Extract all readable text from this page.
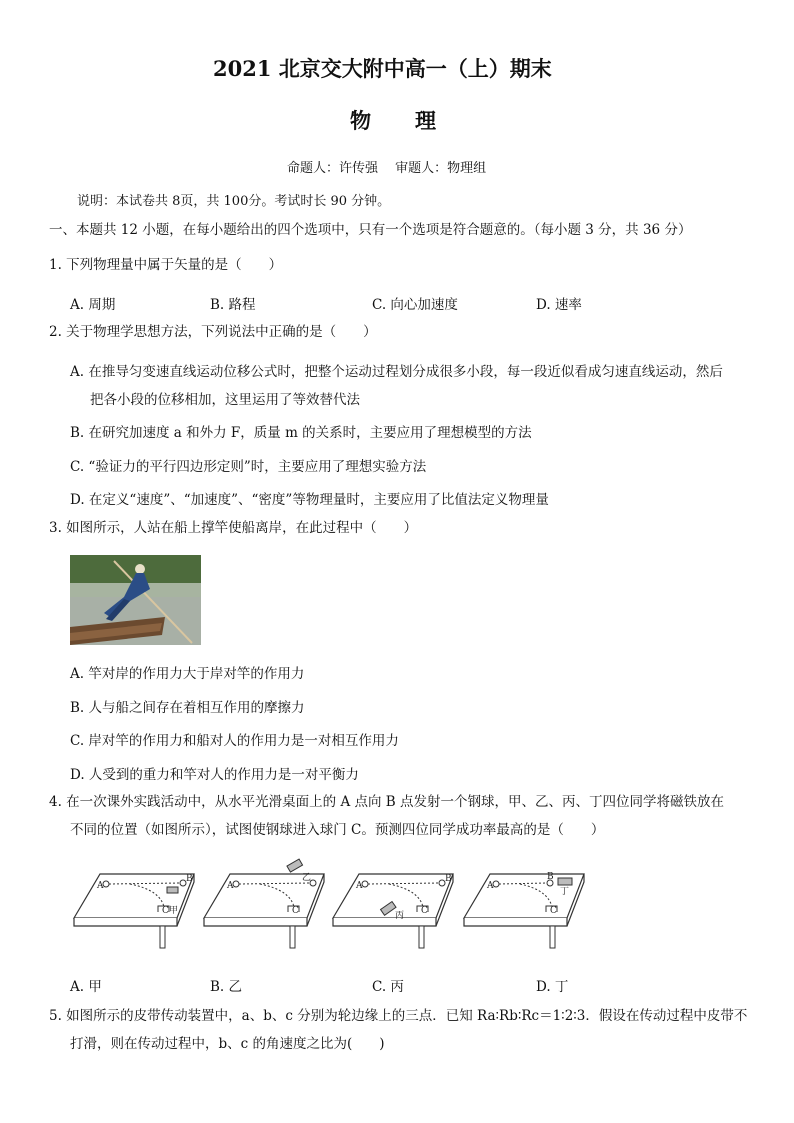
2021 北京交大附中高一（上）期末
物理
命题人：许传强　 审题人：物理组
说明：本试卷共 8页，共 100分。考试时长 90 分钟。
一、本题共 12 小题，在每小题给出的四个选项中，只有一个选项是符合题意的。（每小题 3 分，共 36 分）
1. 下列物理量中属于矢量的是（　　）
A. 周期	B. 路程	C. 向心加速度	D. 速率
2. 关于物理学思想方法，下列说法中正确的是（　　）
A. 在推导匀变速直线运动位移公式时，把整个运动过程划分成很多小段，每一段近似看成匀速直线运动，然后
把各小段的位移相加，这里运用了等效替代法
B. 在研究加速度 a 和外力 F，质量 m 的关系时，主要应用了理想模型的方法
C. “验证力的平行四边形定则”时，主要应用了理想实验方法
D. 在定义“速度”、“加速度”、“密度”等物理量时，主要应用了比值法定义物理量
3. 如图所示，人站在船上撑竿使船离岸，在此过程中（　　）
A. 竿对岸的作用力大于岸对竿的作用力
B. 人与船之间存在着相互作用的摩擦力
C. 岸对竿的作用力和船对人的作用力是一对相互作用力
D. 人受到的重力和竿对人的作用力是一对平衡力
4. 在一次课外实践活动中，从水平光滑桌面上的 A 点向 B 点发射一个钢球，甲、乙、丙、丁四位同学将磁铁放在
不同的位置（如图所示），试图使钢球进入球门 C。预测四位同学成功率最高的是（　　）
A
B
C 甲
A
C
乙
A
B
C
丙
A
B
C
丁
A. 甲	B. 乙	C. 丙	D. 丁
5. 如图所示的皮带传动装置中，a、b、c 分别为轮边缘上的三点．已知 Ra∶Rb∶Rc＝1∶2∶3．假设在传动过程中皮带不
打滑，则在传动过程中，b、c 的角速度之比为(　　)
